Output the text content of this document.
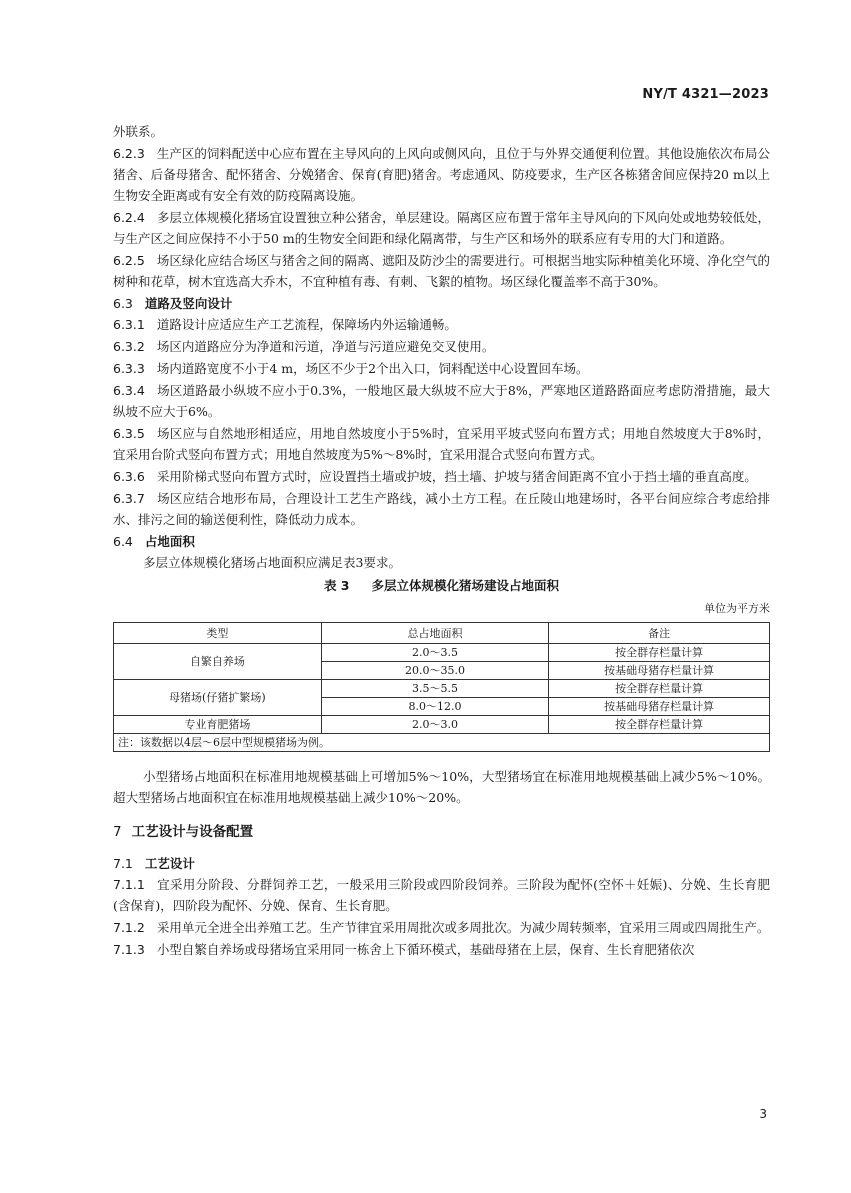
NY/T 4321—2023

外联系。

6.2.3 生产区的饲料配送中心应布置在主导风向的上风向或侧风向，且位于与外界交通便利位置。其他设施依次布局公猪舍、后备母猪舍、配怀猪舍、分娩猪舍、保育(育肥)猪舍。考虑通风、防疫要求，生产区各栋猪舍间应保持20 m以上生物安全距离或有安全有效的防疫隔离设施。

6.2.4 多层立体规模化猪场宜设置独立种公猪舍，单层建设。隔离区应布置于常年主导风向的下风向处或地势较低处，与生产区之间应保持不小于50 m的生物安全间距和绿化隔离带，与生产区和场外的联系应有专用的大门和道路。

6.2.5 场区绿化应结合场区与猪舍之间的隔离、遮阳及防沙尘的需要进行。可根据当地实际种植美化环境、净化空气的树种和花草，树木宜选高大乔木，不宜种植有毒、有刺、飞絮的植物。场区绿化覆盖率不高于30%。

6.3 道路及竖向设计

6.3.1 道路设计应适应生产工艺流程，保障场内外运输通畅。

6.3.2 场区内道路应分为净道和污道，净道与污道应避免交叉使用。

6.3.3 场内道路宽度不小于4 m，场区不少于2个出入口，饲料配送中心设置回车场。

6.3.4 场区道路最小纵坡不应小于0.3%，一般地区最大纵坡不应大于8%，严寒地区道路路面应考虑防滑措施，最大纵坡不应大于6%。

6.3.5 场区应与自然地形相适应，用地自然坡度小于5%时，宜采用平坡式竖向布置方式；用地自然坡度大于8%时，宜采用台阶式竖向布置方式；用地自然坡度为5%～8%时，宜采用混合式竖向布置方式。

6.3.6 采用阶梯式竖向布置方式时，应设置挡土墙或护坡，挡土墙、护坡与猪舍间距离不宜小于挡土墙的垂直高度。

6.3.7 场区应结合地形布局，合理设计工艺生产路线，减小土方工程。在丘陵山地建场时，各平台间应综合考虑给排水、排污之间的输送便利性，降低动力成本。

6.4 占地面积

多层立体规模化猪场占地面积应满足表3要求。

表 3 多层立体规模化猪场建设占地面积
单位为平方米
类型	总占地面积	备注
自繁自养场	2.0～3.5	按全群存栏量计算
	20.0～35.0	按基础母猪存栏量计算
母猪场(仔猪扩繁场)	3.5～5.5	按全群存栏量计算
	8.0～12.0	按基础母猪存栏量计算
专业育肥猪场	2.0～3.0	按全群存栏量计算
注：该数据以4层～6层中型规模猪场为例。		

小型猪场占地面积在标准用地规模基础上可增加5%～10%，大型猪场宜在标准用地规模基础上减少5%～10%。超大型猪场占地面积宜在标准用地规模基础上减少10%～20%。

7 工艺设计与设备配置

7.1 工艺设计

7.1.1 宜采用分阶段、分群饲养工艺，一般采用三阶段或四阶段饲养。三阶段为配怀(空怀＋妊娠)、分娩、生长育肥(含保育)，四阶段为配怀、分娩、保育、生长育肥。

7.1.2 采用单元全进全出养殖工艺。生产节律宜采用周批次或多周批次。为减少周转频率，宜采用三周或四周批生产。

7.1.3 小型自繁自养场或母猪场宜采用同一栋舍上下循环模式，基础母猪在上层，保育、生长育肥猪依次

3
